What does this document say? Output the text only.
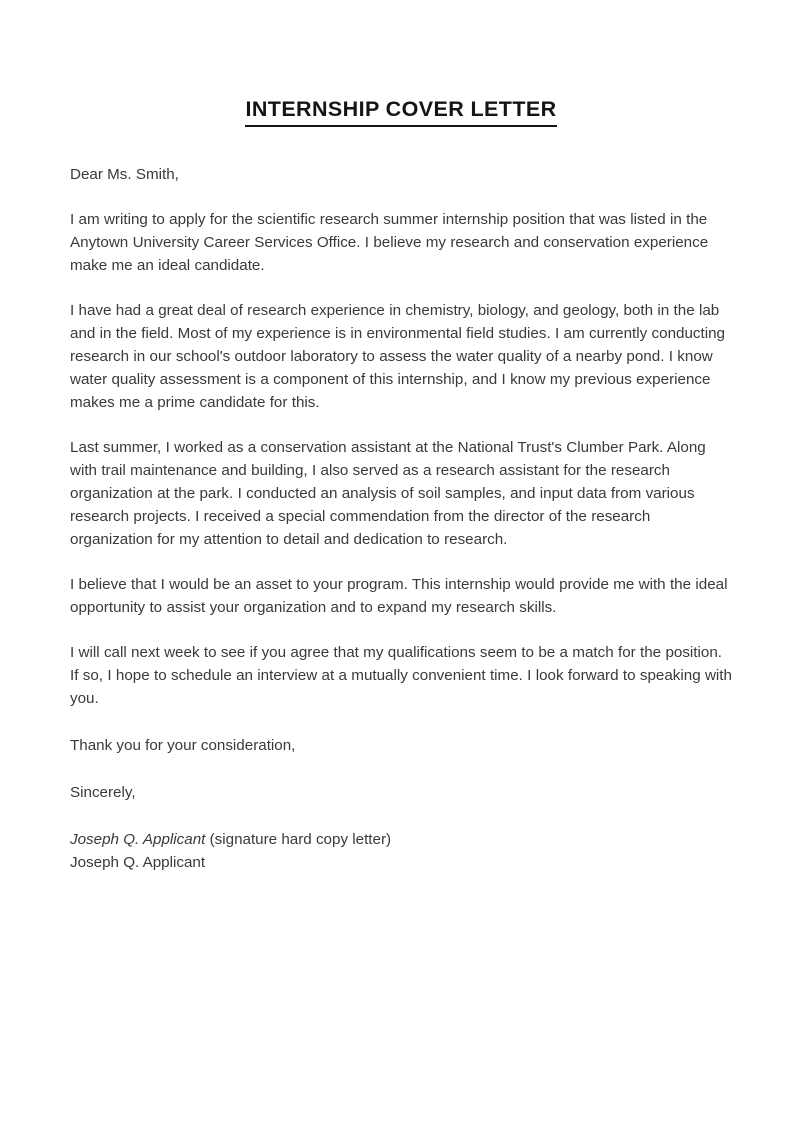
INTERNSHIP COVER LETTER

Dear Ms. Smith,

I am writing to apply for the scientific research summer internship position that was listed in the Anytown University Career Services Office. I believe my research and conservation experience make me an ideal candidate.

I have had a great deal of research experience in chemistry, biology, and geology, both in the lab and in the field. Most of my experience is in environmental field studies. I am currently conducting research in our school's outdoor laboratory to assess the water quality of a nearby pond. I know water quality assessment is a component of this internship, and I know my previous experience makes me a prime candidate for this.

Last summer, I worked as a conservation assistant at the National Trust's Clumber Park. Along with trail maintenance and building, I also served as a research assistant for the research organization at the park. I conducted an analysis of soil samples, and input data from various research projects. I received a special commendation from the director of the research organization for my attention to detail and dedication to research.

I believe that I would be an asset to your program. This internship would provide me with the ideal opportunity to assist your organization and to expand my research skills.

I will call next week to see if you agree that my qualifications seem to be a match for the position. If so, I hope to schedule an interview at a mutually convenient time. I look forward to speaking with you.

Thank you for your consideration,

Sincerely,

Joseph Q. Applicant (signature hard copy letter)

Joseph Q. Applicant
